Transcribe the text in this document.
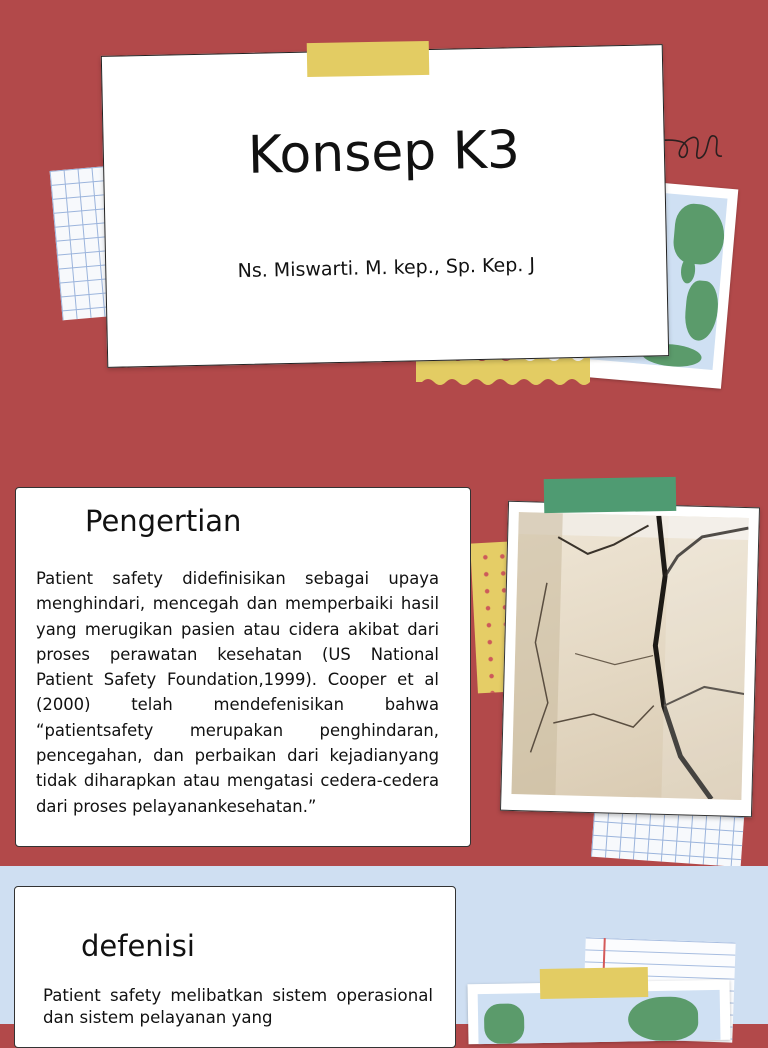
Konsep K3
Ns. Miswarti. M. kep., Sp. Kep. J
Pengertian
Patient safety didefinisikan sebagai upaya menghindari, mencegah dan memperbaiki hasil yang merugikan pasien atau cidera akibat dari proses perawatan kesehatan (US National Patient Safety Foundation,1999). Cooper et al (2000) telah mendefenisikan bahwa “patientsafety merupakan penghindaran, pencegahan, dan perbaikan dari kejadianyang tidak diharapkan atau mengatasi cedera-cedera dari proses pelayanankesehatan.”
defenisi
Patient safety melibatkan sistem operasional dan sistem pelayanan yang
